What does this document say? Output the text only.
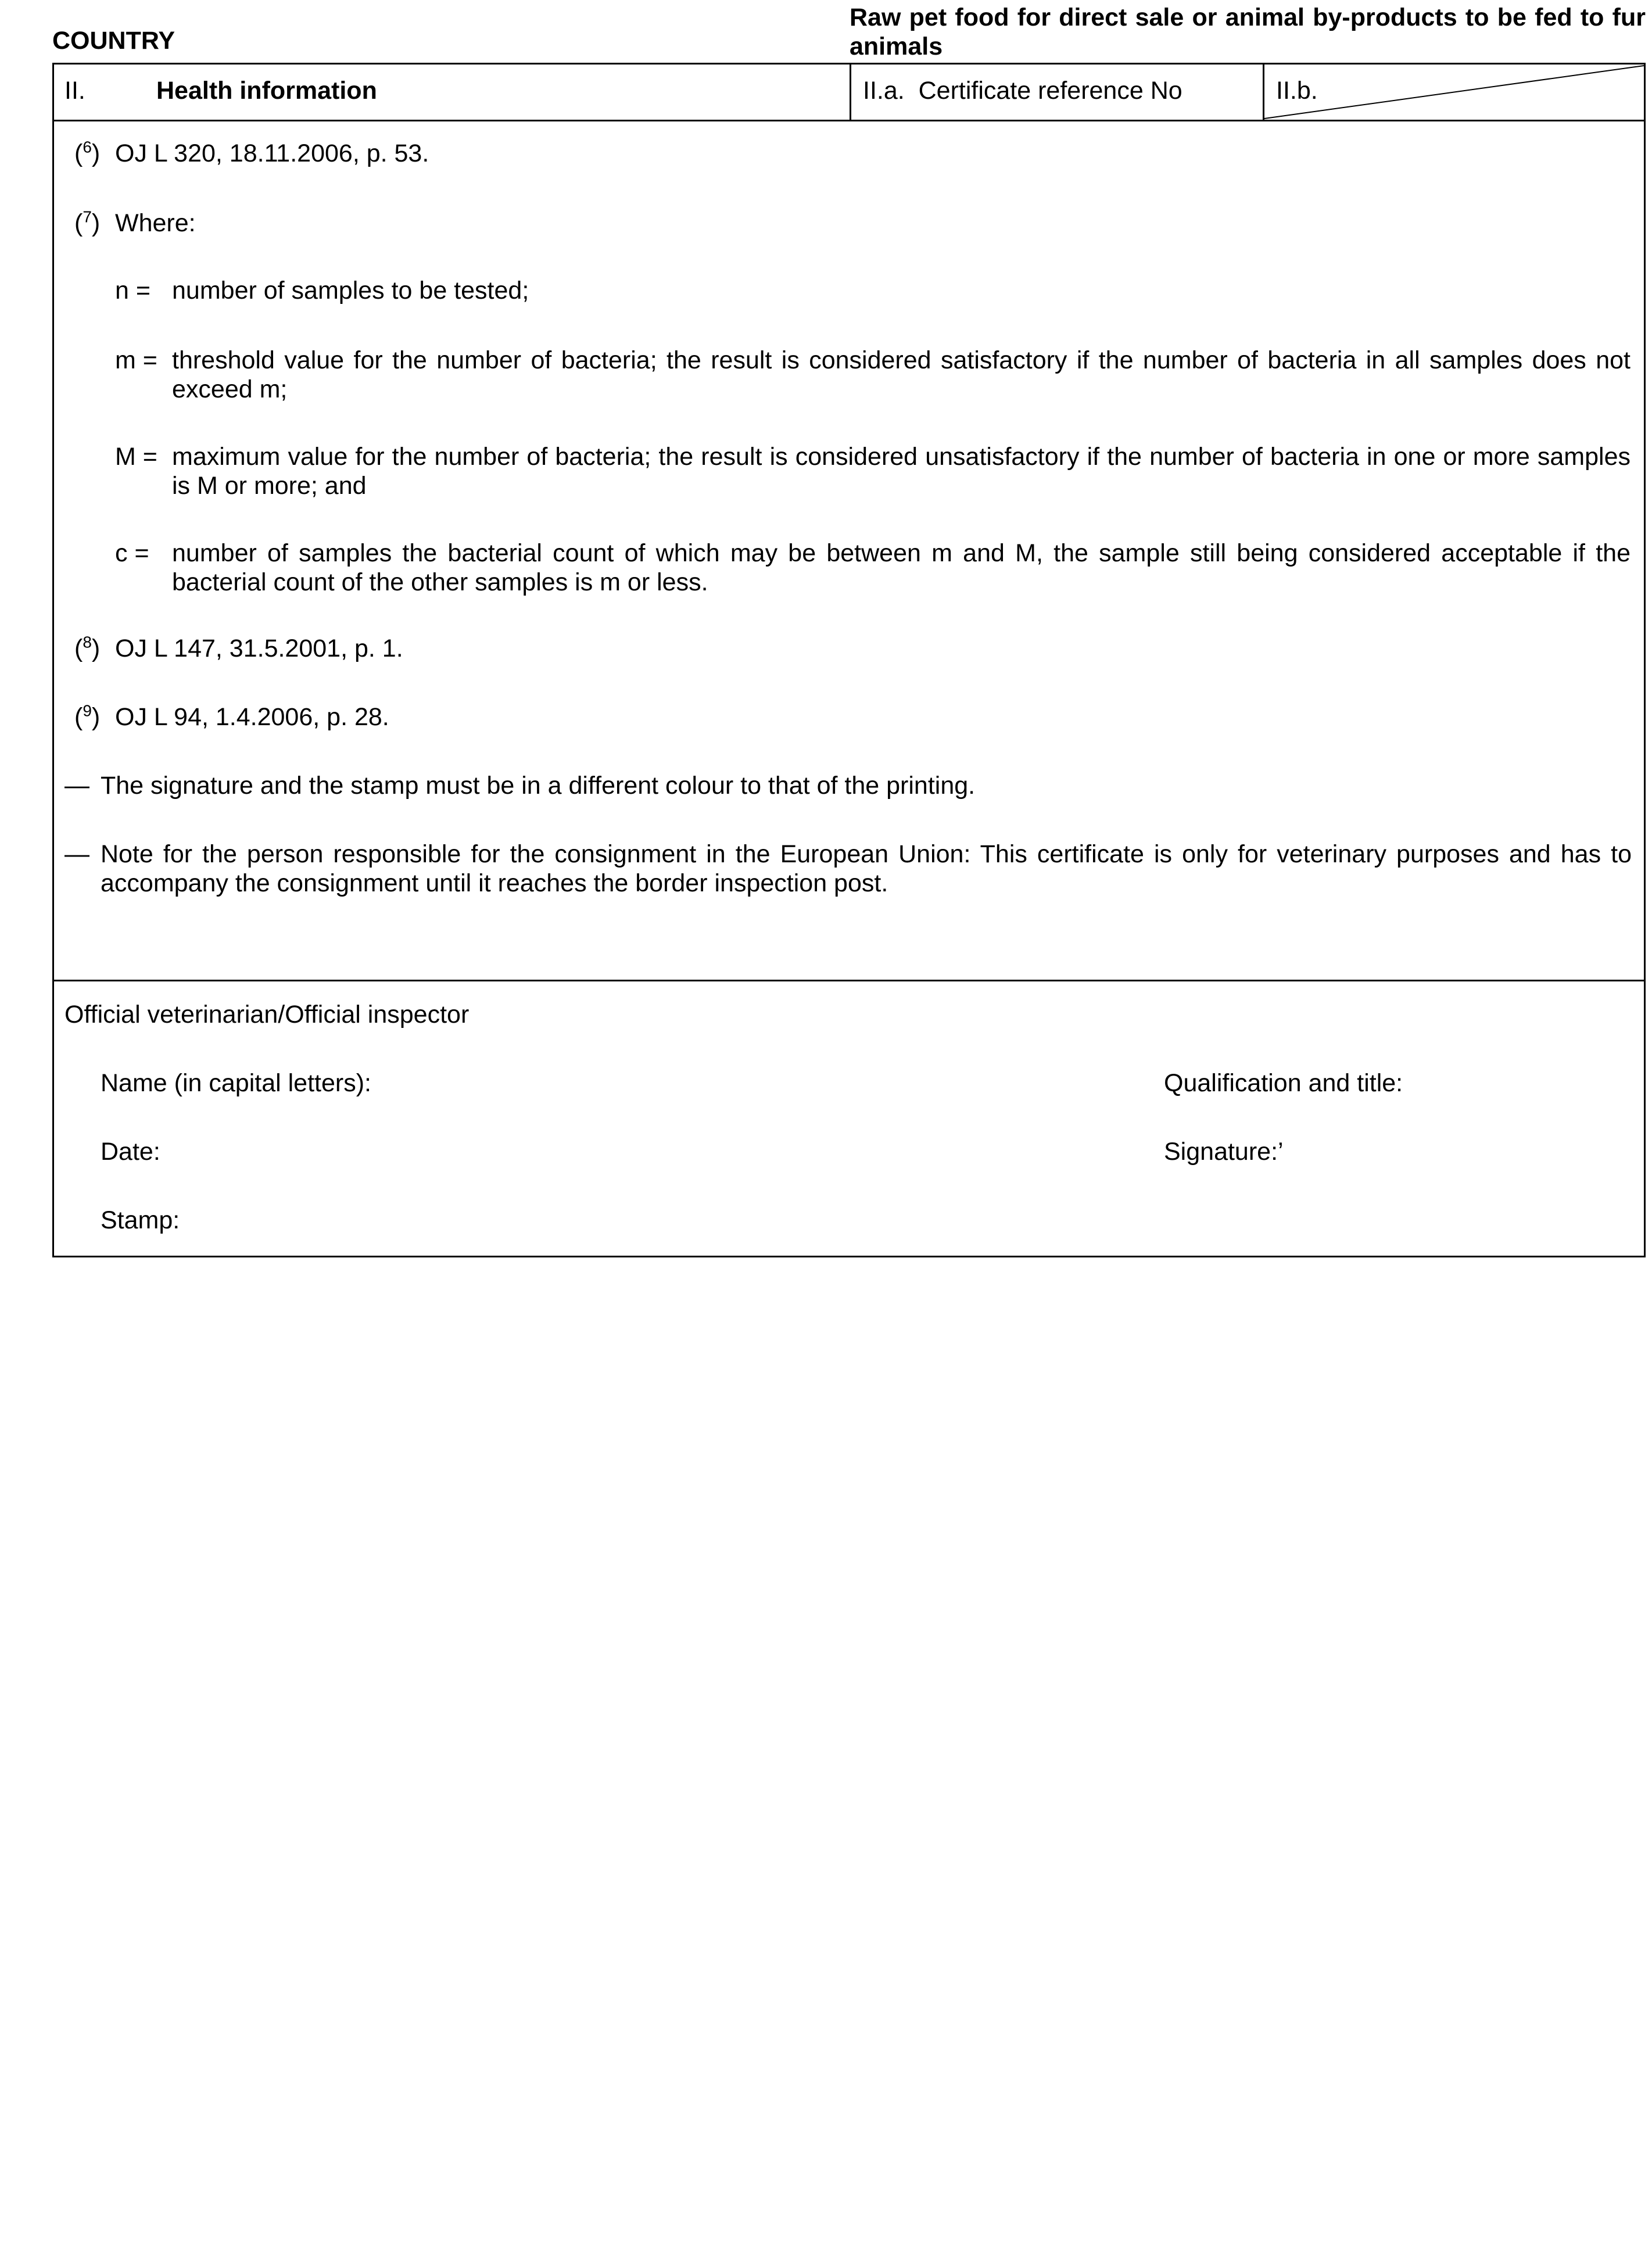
COUNTRY
Raw pet food for direct sale or animal by-products to be fed to fur animals
II.	Health information	II.a.  Certificate reference No	II.b.
($^6$) OJ L 320, 18.11.2006, p. 53.
($^7$) Where:
n = number of samples to be tested;
m = threshold value for the number of bacteria; the result is considered satisfactory if the number of bacteria in all samples does not exceed m;
M = maximum value for the number of bacteria; the result is considered unsatisfactory if the number of bacteria in one or more samples is M or more; and
c = number of samples the bacterial count of which may be between m and M, the sample still being considered acceptable if the bacterial count of the other samples is m or less.
($^8$) OJ L 147, 31.5.2001, p. 1.
($^9$) OJ L 94, 1.4.2006, p. 28.
— The signature and the stamp must be in a different colour to that of the printing.
— Note for the person responsible for the consignment in the European Union: This certificate is only for veterinary purposes and has to accompany the consignment until it reaches the border inspection post.
Official veterinarian/Official inspector
Name (in capital letters):	Qualification and title:
Date:	Signature:’
Stamp:
